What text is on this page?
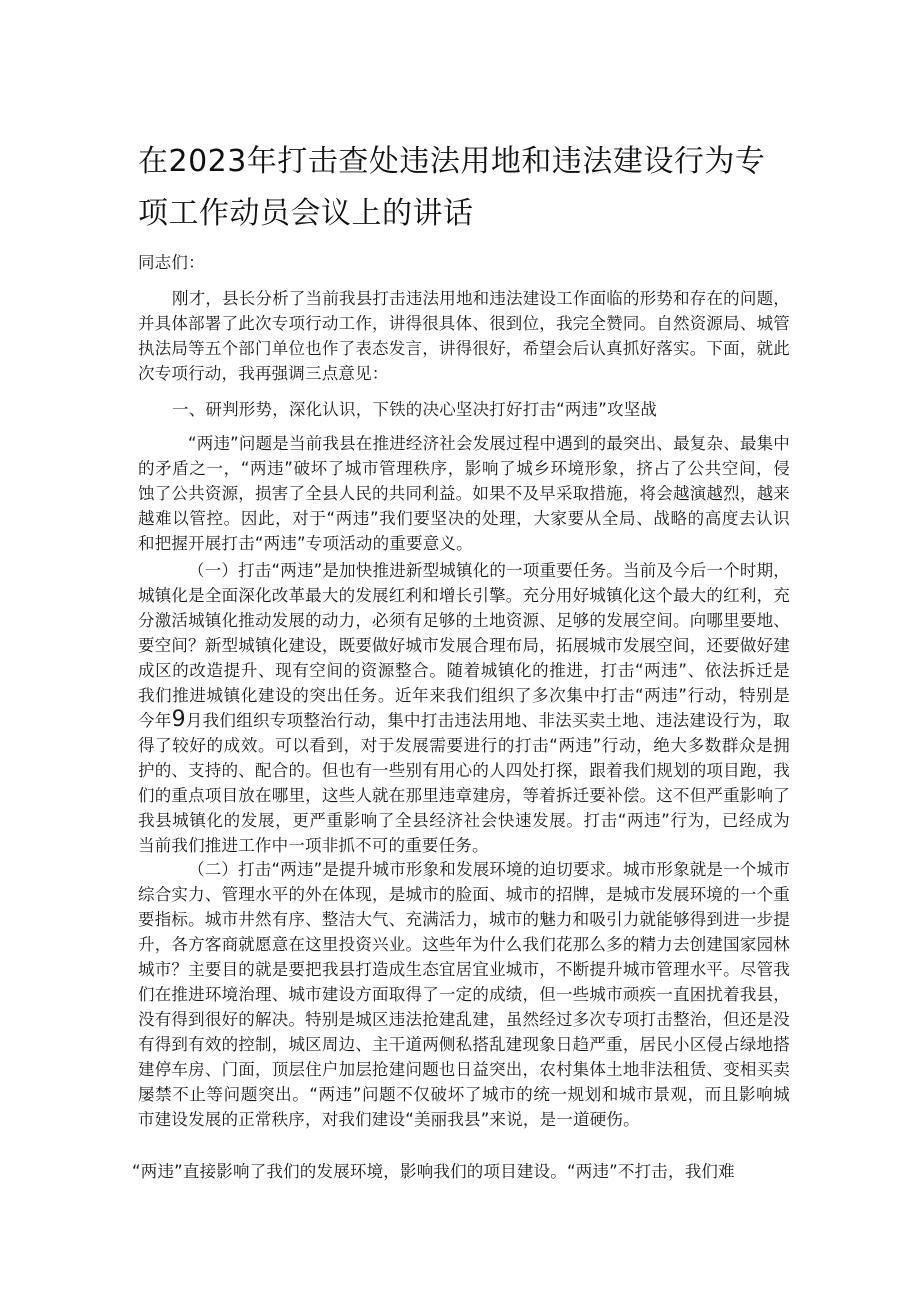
在2023年打击查处违法用地和违法建设行为专项工作动员会议上的讲话

同志们：

刚才，县长分析了当前我县打击违法用地和违法建设工作面临的形势和存在的问题，并具体部署了此次专项行动工作，讲得很具体、很到位，我完全赞同。自然资源局、城管执法局等五个部门单位也作了表态发言，讲得很好，希望会后认真抓好落实。下面，就此次专项行动，我再强调三点意见：

一、研判形势，深化认识，下铁的决心坚决打好打击“两违”攻坚战

“两违”问题是当前我县在推进经济社会发展过程中遇到的最突出、最复杂、最集中的矛盾之一，“两违”破坏了城市管理秩序，影响了城乡环境形象，挤占了公共空间，侵蚀了公共资源，损害了全县人民的共同利益。如果不及早采取措施，将会越演越烈，越来越难以管控。因此，对于“两违”我们要坚决的处理，大家要从全局、战略的高度去认识和把握开展打击“两违”专项活动的重要意义。

（一）打击“两违”是加快推进新型城镇化的一项重要任务。当前及今后一个时期，城镇化是全面深化改革最大的发展红利和增长引擎。充分用好城镇化这个最大的红利，充分激活城镇化推动发展的动力，必须有足够的土地资源、足够的发展空间。向哪里要地、要空间？新型城镇化建设，既要做好城市发展合理布局，拓展城市发展空间，还要做好建成区的改造提升、现有空间的资源整合。随着城镇化的推进，打击“两违”、依法拆迁是我们推进城镇化建设的突出任务。近年来我们组织了多次集中打击“两违”行动，特别是今年9月我们组织专项整治行动，集中打击违法用地、非法买卖土地、违法建设行为，取得了较好的成效。可以看到，对于发展需要进行的打击“两违”行动，绝大多数群众是拥护的、支持的、配合的。但也有一些别有用心的人四处打探，跟着我们规划的项目跑，我们的重点项目放在哪里，这些人就在那里违章建房，等着拆迁要补偿。这不但严重影响了我县城镇化的发展，更严重影响了全县经济社会快速发展。打击“两违”行为，已经成为当前我们推进工作中一项非抓不可的重要任务。

（二）打击“两违”是提升城市形象和发展环境的迫切要求。城市形象就是一个城市综合实力、管理水平的外在体现，是城市的脸面、城市的招牌，是城市发展环境的一个重要指标。城市井然有序、整洁大气、充满活力，城市的魅力和吸引力就能够得到进一步提升，各方客商就愿意在这里投资兴业。这些年为什么我们花那么多的精力去创建国家园林城市？主要目的就是要把我县打造成生态宜居宜业城市，不断提升城市管理水平。尽管我们在推进环境治理、城市建设方面取得了一定的成绩，但一些城市顽疾一直困扰着我县，没有得到很好的解决。特别是城区违法抢建乱建，虽然经过多次专项打击整治，但还是没有得到有效的控制，城区周边、主干道两侧私搭乱建现象日趋严重，居民小区侵占绿地搭建停车房、门面，顶层住户加层抢建问题也日益突出，农村集体土地非法租赁、变相买卖屡禁不止等问题突出。“两违”问题不仅破坏了城市的统一规划和城市景观，而且影响城市建设发展的正常秩序，对我们建设“美丽我县”来说，是一道硬伤。

“两违”直接影响了我们的发展环境，影响我们的项目建设。“两违”不打击，我们难
